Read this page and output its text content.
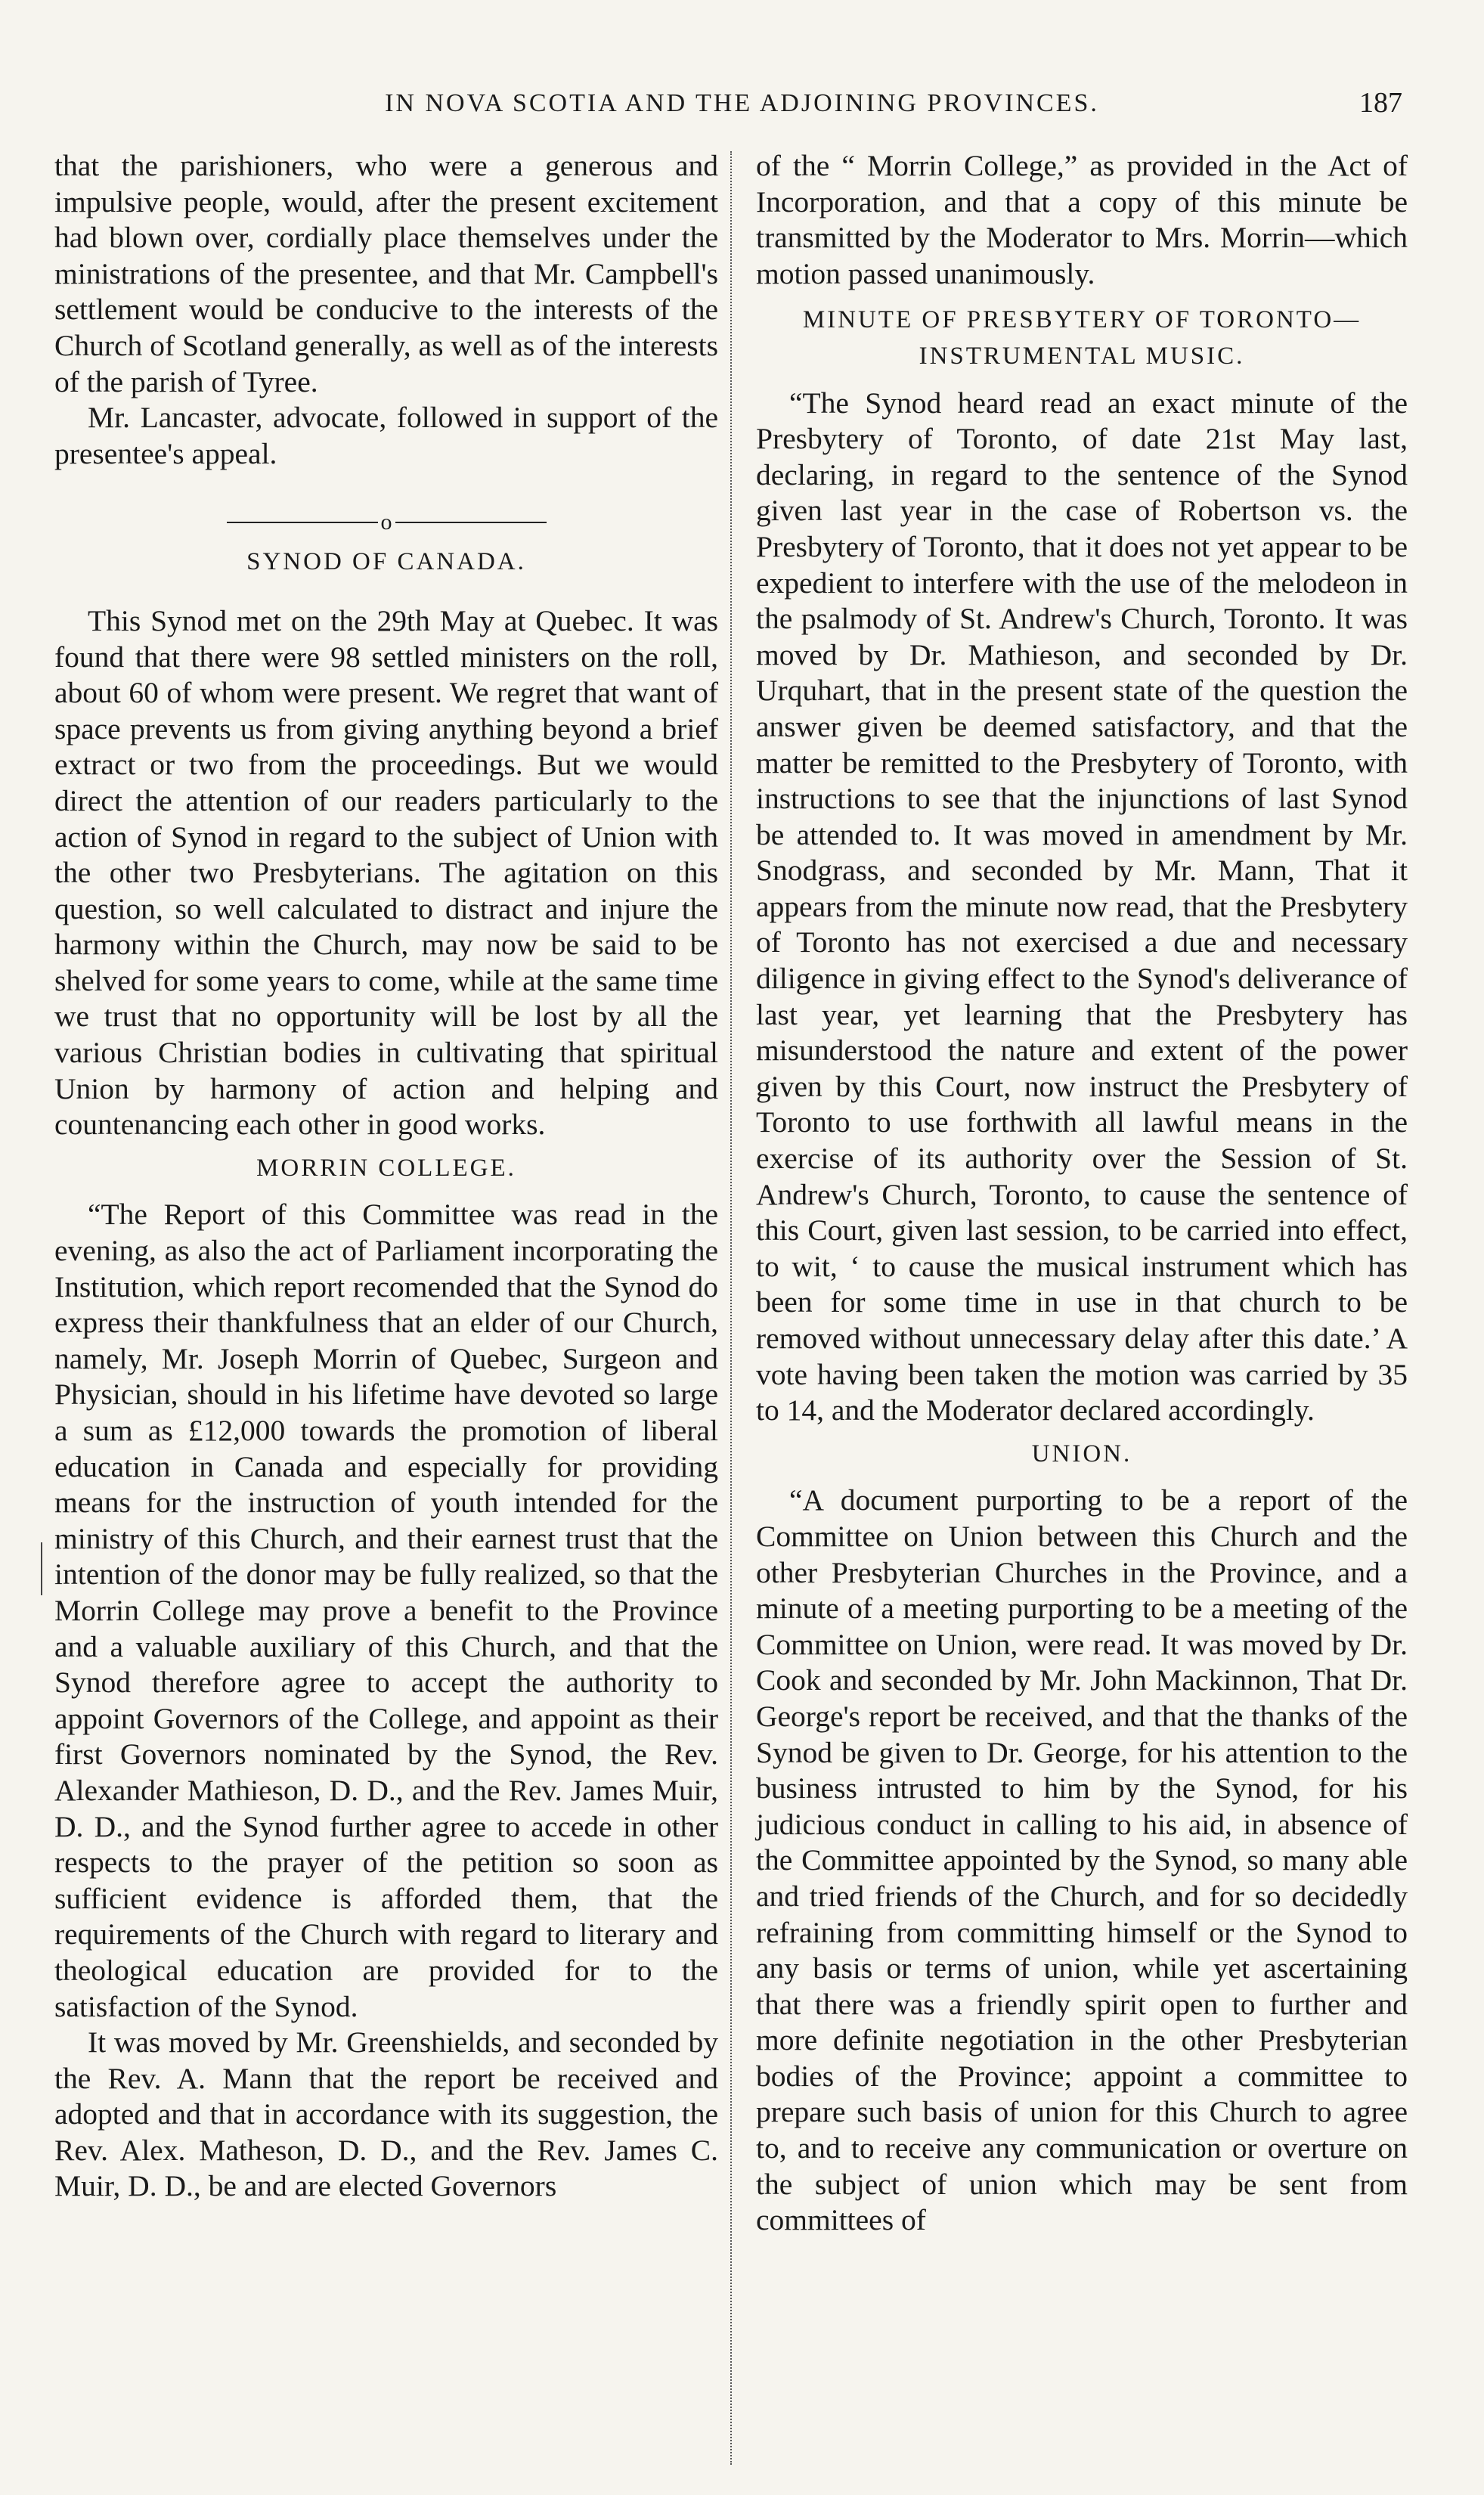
IN NOVA SCOTIA AND THE ADJOINING PROVINCES.	187

that the parishioners, who were a generous and impulsive people, would, after the present excitement had blown over, cordially place themselves under the ministrations of the presentee, and that Mr. Campbell's settlement would be conducive to the interests of the Church of Scotland generally, as well as of the interests of the parish of Tyree.

Mr. Lancaster, advocate, followed in support of the presentee's appeal.

o
SYNOD OF CANADA.

This Synod met on the 29th May at Quebec. It was found that there were 98 settled ministers on the roll, about 60 of whom were present. We regret that want of space prevents us from giving anything beyond a brief extract or two from the proceedings. But we would direct the attention of our readers particularly to the action of Synod in regard to the subject of Union with the other two Presbyterians. The agitation on this question, so well calculated to distract and injure the harmony within the Church, may now be said to be shelved for some years to come, while at the same time we trust that no opportunity will be lost by all the various Christian bodies in cultivating that spiritual Union by harmony of action and helping and countenancing each other in good works.

MORRIN COLLEGE.

“The Report of this Committee was read in the evening, as also the act of Parliament incorporating the Institution, which report recomended that the Synod do express their thankfulness that an elder of our Church, namely, Mr. Joseph Morrin of Quebec, Surgeon and Physician, should in his lifetime have devoted so large a sum as £12,000 towards the promotion of liberal education in Canada and especially for providing means for the instruction of youth intended for the ministry of this Church, and their earnest trust that the intention of the donor may be fully realized, so that the Morrin College may prove a benefit to the Province and a valuable auxiliary of this Church, and that the Synod therefore agree to accept the authority to appoint Governors of the College, and appoint as their first Governors nominated by the Synod, the Rev. Alexander Mathieson, D. D., and the Rev. James Muir, D. D., and the Synod further agree to accede in other respects to the prayer of the petition so soon as sufficient evidence is afforded them, that the requirements of the Church with regard to literary and theological education are provided for to the satisfaction of the Synod.

It was moved by Mr. Greenshields, and seconded by the Rev. A. Mann that the report be received and adopted and that in accordance with its suggestion, the Rev. Alex. Matheson, D. D., and the Rev. James C. Muir, D. D., be and are elected Governors

of the “ Morrin College,” as provided in the Act of Incorporation, and that a copy of this minute be transmitted by the Moderator to Mrs. Morrin—which motion passed unanimously.

MINUTE OF PRESBYTERY OF TORONTO—
INSTRUMENTAL MUSIC.

“The Synod heard read an exact minute of the Presbytery of Toronto, of date 21st May last, declaring, in regard to the sentence of the Synod given last year in the case of Robertson vs. the Presbytery of Toronto, that it does not yet appear to be expedient to interfere with the use of the melodeon in the psalmody of St. Andrew's Church, Toronto. It was moved by Dr. Mathieson, and seconded by Dr. Urquhart, that in the present state of the question the answer given be deemed satisfactory, and that the matter be remitted to the Presbytery of Toronto, with instructions to see that the injunctions of last Synod be attended to. It was moved in amendment by Mr. Snodgrass, and seconded by Mr. Mann, That it appears from the minute now read, that the Presbytery of Toronto has not exercised a due and necessary diligence in giving effect to the Synod's deliverance of last year, yet learning that the Presbytery has misunderstood the nature and extent of the power given by this Court, now instruct the Presbytery of Toronto to use forthwith all lawful means in the exercise of its authority over the Session of St. Andrew's Church, Toronto, to cause the sentence of this Court, given last session, to be carried into effect, to wit, ‘ to cause the musical instrument which has been for some time in use in that church to be removed without unnecessary delay after this date.’ A vote having been taken the motion was carried by 35 to 14, and the Moderator declared accordingly.

UNION.

“A document purporting to be a report of the Committee on Union between this Church and the other Presbyterian Churches in the Province, and a minute of a meeting purporting to be a meeting of the Committee on Union, were read. It was moved by Dr. Cook and seconded by Mr. John Mackinnon, That Dr. George's report be received, and that the thanks of the Synod be given to Dr. George, for his attention to the business intrusted to him by the Synod, for his judicious conduct in calling to his aid, in absence of the Committee appointed by the Synod, so many able and tried friends of the Church, and for so decidedly refraining from committing himself or the Synod to any basis or terms of union, while yet ascertaining that there was a friendly spirit open to further and more definite negotiation in the other Presbyterian bodies of the Province; appoint a committee to prepare such basis of union for this Church to agree to, and to receive any communication or overture on the subject of union which may be sent from committees of
